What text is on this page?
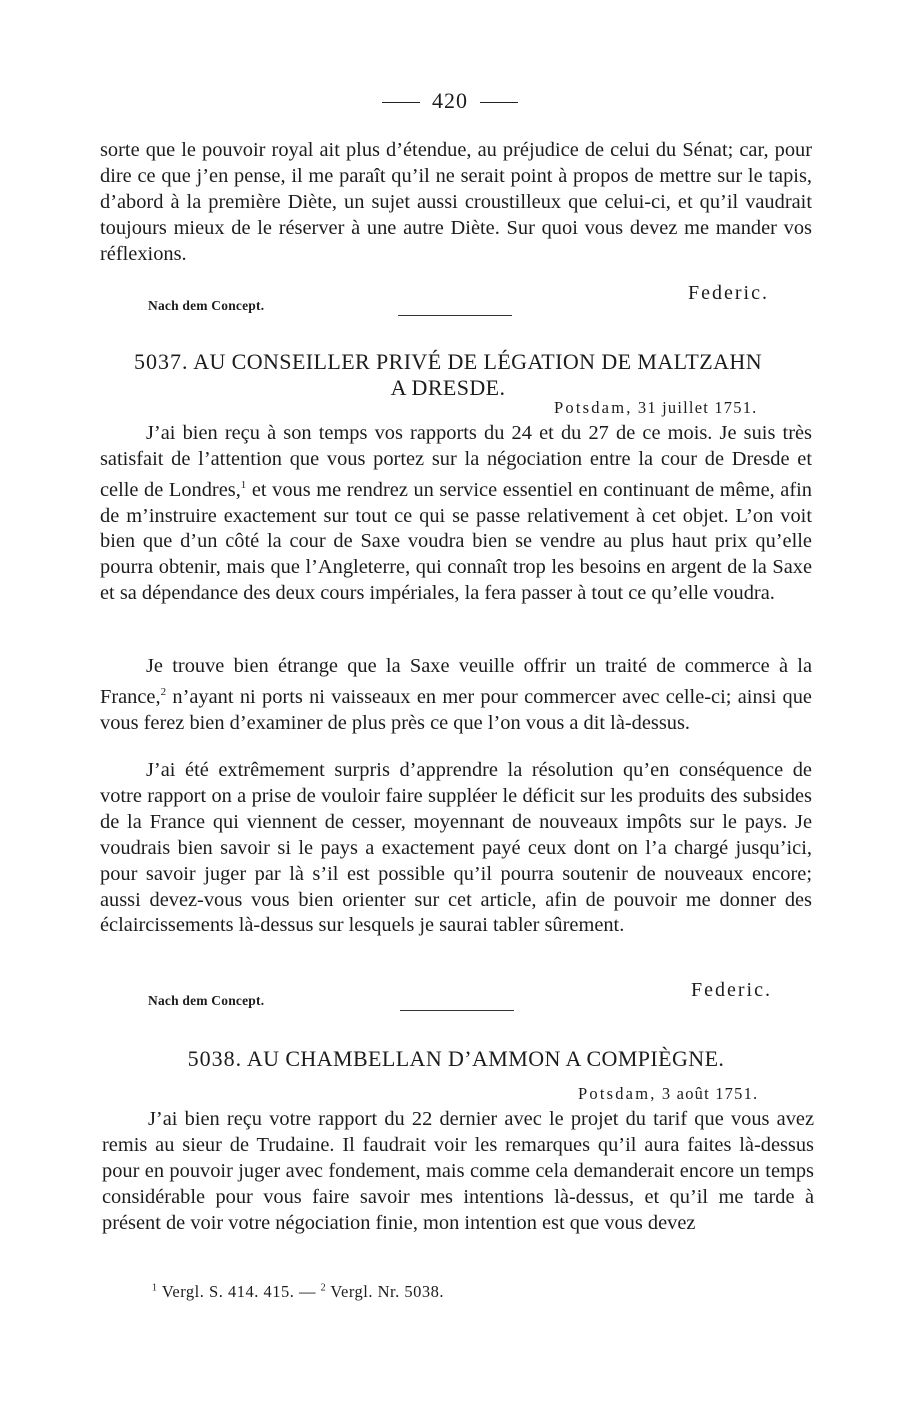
420

sorte que le pouvoir royal ait plus d’étendue, au préjudice de celui du Sénat; car, pour dire ce que j’en pense, il me paraît qu’il ne serait point à propos de mettre sur le tapis, d’abord à la première Diète, un sujet aussi croustilleux que celui-ci, et qu’il vaudrait toujours mieux de le réserver à une autre Diète. Sur quoi vous devez me mander vos réflexions.

Nach dem Concept.
Federic.
5037. AU CONSEILLER PRIVÉ DE LÉGATION DE MALTZAHN
A DRESDE.
Potsdam, 31 juillet 1751.

J’ai bien reçu à son temps vos rapports du 24 et du 27 de ce mois. Je suis très satisfait de l’attention que vous portez sur la négociation entre la cour de Dresde et celle de Londres,$^1$ et vous me rendrez un service essentiel en continuant de même, afin de m’instruire exactement sur tout ce qui se passe relativement à cet objet. L’on voit bien que d’un côté la cour de Saxe voudra bien se vendre au plus haut prix qu’elle pourra obtenir, mais que l’Angleterre, qui connaît trop les besoins en argent de la Saxe et sa dépendance des deux cours impériales, la fera passer à tout ce qu’elle voudra.

Je trouve bien étrange que la Saxe veuille offrir un traité de commerce à la France,$^2$ n’ayant ni ports ni vaisseaux en mer pour commercer avec celle-ci; ainsi que vous ferez bien d’examiner de plus près ce que l’on vous a dit là-dessus.

J’ai été extrêmement surpris d’apprendre la résolution qu’en conséquence de votre rapport on a prise de vouloir faire suppléer le déficit sur les produits des subsides de la France qui viennent de cesser, moyennant de nouveaux impôts sur le pays. Je voudrais bien savoir si le pays a exactement payé ceux dont on l’a chargé jusqu’ici, pour savoir juger par là s’il est possible qu’il pourra soutenir de nouveaux encore; aussi devez-vous vous bien orienter sur cet article, afin de pouvoir me donner des éclaircissements là-dessus sur lesquels je saurai tabler sûrement.

Nach dem Concept.	Federic.
5038. AU CHAMBELLAN D’AMMON A COMPIÈGNE.
Potsdam, 3 août 1751.

J’ai bien reçu votre rapport du 22 dernier avec le projet du tarif que vous avez remis au sieur de Trudaine. Il faudrait voir les remarques qu’il aura faites là-dessus pour en pouvoir juger avec fondement, mais comme cela demanderait encore un temps considérable pour vous faire savoir mes intentions là-dessus, et qu’il me tarde à présent de voir votre négociation finie, mon intention est que vous devez

$^1$ Vergl. S. 414. 415. — $^2$ Vergl. Nr. 5038.
